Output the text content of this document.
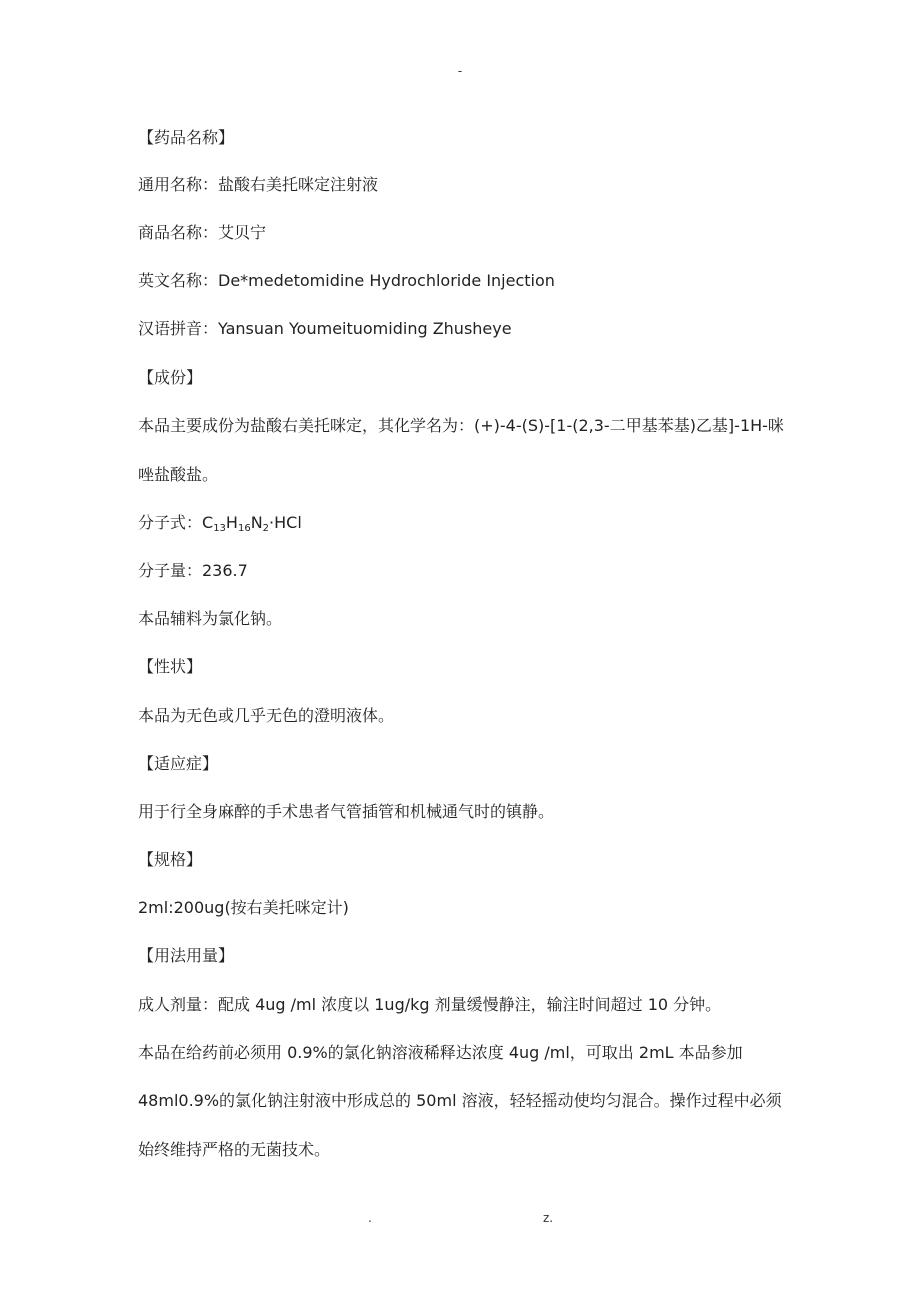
-
【药品名称】
通用名称：盐酸右美托咪定注射液
商品名称：艾贝宁
英文名称：De*medetomidine Hydrochloride Injection
汉语拼音：Yansuan Youmeituomiding Zhusheye
【成份】
本品主要成份为盐酸右美托咪定，其化学名为：(+)-4-(S)-[1-(2,3-二甲基苯基)乙基]-1H-咪
唑盐酸盐。
分子式：$C_{13}H_{16}N_2\cdot HCl$
分子量：236.7
本品辅料为氯化钠。
【性状】
本品为无色或几乎无色的澄明液体。
【适应症】
用于行全身麻醉的手术患者气管插管和机械通气时的镇静。
【规格】
2ml:200ug(按右美托咪定计)
【用法用量】
成人剂量：配成 4ug /ml 浓度以 1ug/kg 剂量缓慢静注，输注时间超过 10 分钟。
本品在给药前必须用 0.9%的氯化钠溶液稀释达浓度 4ug /ml，可取出 2mL 本品参加
48ml0.9%的氯化钠注射液中形成总的 50ml 溶液，轻轻摇动使均匀混合。操作过程中必须
始终维持严格的无菌技术。
.	z.
